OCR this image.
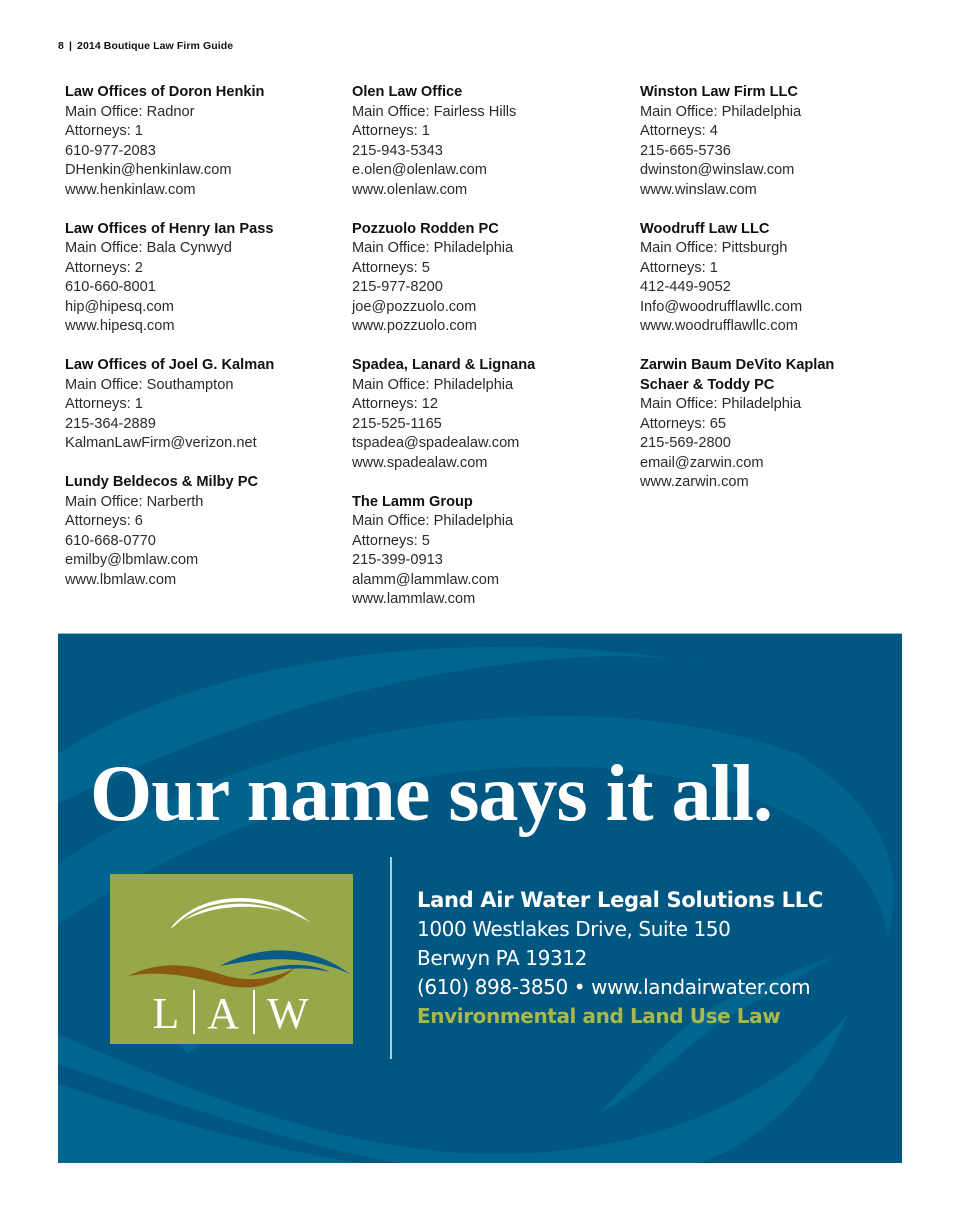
8 | 2014 Boutique Law Firm Guide
Law Offices of Doron Henkin
Main Office: Radnor
Attorneys: 1
610-977-2083
DHenkin@henkinlaw.com
www.henkinlaw.com
Law Offices of Henry Ian Pass
Main Office: Bala Cynwyd
Attorneys: 2
610-660-8001
hip@hipesq.com
www.hipesq.com
Law Offices of Joel G. Kalman
Main Office: Southampton
Attorneys: 1
215-364-2889
KalmanLawFirm@verizon.net
Lundy Beldecos & Milby PC
Main Office: Narberth
Attorneys: 6
610-668-0770
emilby@lbmlaw.com
www.lbmlaw.com
Olen Law Office
Main Office: Fairless Hills
Attorneys: 1
215-943-5343
e.olen@olenlaw.com
www.olenlaw.com
Pozzuolo Rodden PC
Main Office: Philadelphia
Attorneys: 5
215-977-8200
joe@pozzuolo.com
www.pozzuolo.com
Spadea, Lanard & Lignana
Main Office: Philadelphia
Attorneys: 12
215-525-1165
tspadea@spadealaw.com
www.spadealaw.com
The Lamm Group
Main Office: Philadelphia
Attorneys: 5
215-399-0913
alamm@lammlaw.com
www.lammlaw.com
Winston Law Firm LLC
Main Office: Philadelphia
Attorneys: 4
215-665-5736
dwinston@winslaw.com
www.winslaw.com
Woodruff Law LLC
Main Office: Pittsburgh
Attorneys: 1
412-449-9052
Info@woodrufflawllc.com
www.woodrufflawllc.com
Zarwin Baum DeVito Kaplan
Schaer & Toddy PC
Main Office: Philadelphia
Attorneys: 65
215-569-2800
email@zarwin.com
www.zarwin.com
Our name says it all.
L A W
Land Air Water Legal Solutions LLC
1000 Westlakes Drive, Suite 150
Berwyn PA 19312
(610) 898-3850 • www.landairwater.com
Environmental and Land Use Law
